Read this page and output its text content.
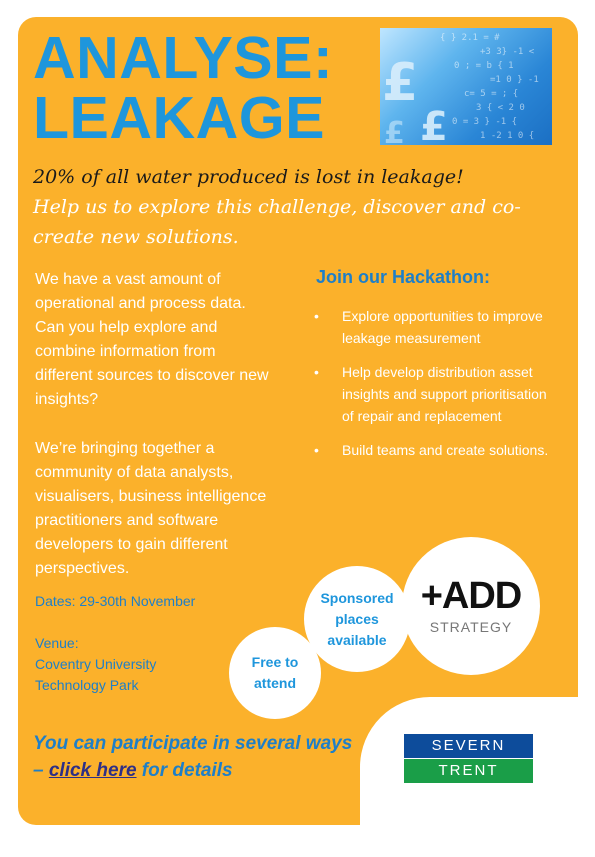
ANALYSE:
LEAKAGE
{ } 2.1 = #
+3 3} -1 <
0 ; = b { 1
=1 0 } -1
c= 5 = ; {
3 { < 2 0
0 = 3 } -1 {
1 -2 1 0 {
£
£
£

20% of all water produced is lost in leakage!
Help us to explore this challenge, discover and co-create new solutions.

We have a vast amount of operational and process data. Can you help explore and combine information from different sources to discover new insights?

We’re bringing together a community of data analysts, visualisers, business intelligence practitioners and software developers to gain different perspectives.

Dates: 29-30th November

Venue:
Coventry University
Technology Park
Join our Hackathon:
• Explore opportunities to improve leakage measurement
• Help develop distribution asset insights and support prioritisation of repair and replacement
• Build teams and create solutions.
Free to attend
Sponsored places available
+ADD
STRATEGY

You can participate in several ways – click here for details

SEVERN
TRENT
